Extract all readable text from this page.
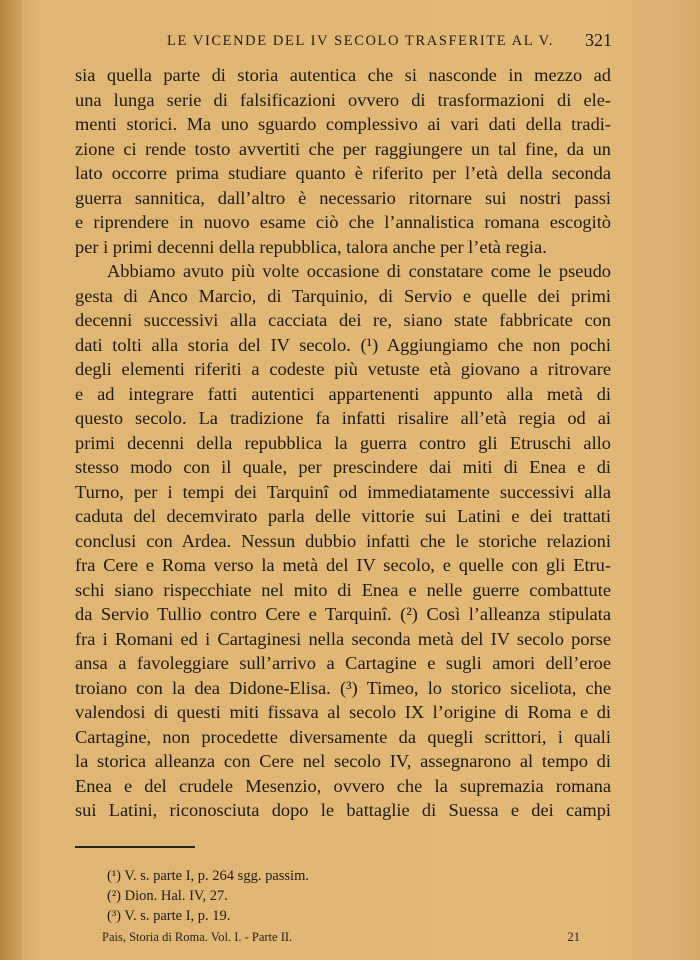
LE VICENDE DEL IV SECOLO TRASFERITE AL V. 321
sia quella parte di storia autentica che si nasconde in mezzo ad
una lunga serie di falsificazioni ovvero di trasformazioni di ele-
menti storici. Ma uno sguardo complessivo ai vari dati della tradi-
zione ci rende tosto avvertiti che per raggiungere un tal fine, da un
lato occorre prima studiare quanto è riferito per l’età della seconda
guerra sannitica, dall’altro è necessario ritornare sui nostri passi
e riprendere in nuovo esame ciò che l’annalistica romana escogitò
per i primi decenni della repubblica, talora anche per l’età regia.
Abbiamo avuto più volte occasione di constatare come le pseudo
gesta di Anco Marcio, di Tarquinio, di Servio e quelle dei primi
decenni successivi alla cacciata dei re, siano state fabbricate con
dati tolti alla storia del IV secolo. (¹) Aggiungiamo che non pochi
degli elementi riferiti a codeste più vetuste età giovano a ritrovare
e ad integrare fatti autentici appartenenti appunto alla metà di
questo secolo. La tradizione fa infatti risalire all’età regia od ai
primi decenni della repubblica la guerra contro gli Etruschi allo
stesso modo con il quale, per prescindere dai miti di Enea e di
Turno, per i tempi dei Tarquinî od immediatamente successivi alla
caduta del decemvirato parla delle vittorie sui Latini e dei trattati
conclusi con Ardea. Nessun dubbio infatti che le storiche relazioni
fra Cere e Roma verso la metà del IV secolo, e quelle con gli Etru-
schi siano rispecchiate nel mito di Enea e nelle guerre combattute
da Servio Tullio contro Cere e Tarquinî. (²) Così l’alleanza stipulata
fra i Romani ed i Cartaginesi nella seconda metà del IV secolo porse
ansa a favoleggiare sull’arrivo a Cartagine e sugli amori dell’eroe
troiano con la dea Didone-Elisa. (³) Timeo, lo storico siceliota, che
valendosi di questi miti fissava al secolo IX l’origine di Roma e di
Cartagine, non procedette diversamente da quegli scrittori, i quali
la storica alleanza con Cere nel secolo IV, assegnarono al tempo di
Enea e del crudele Mesenzio, ovvero che la supremazia romana
sui Latini, riconosciuta dopo le battaglie di Suessa e dei campi
(¹) V. s. parte I, p. 264 sgg. passim.
(²) Dion. Hal. IV, 27.
(³) V. s. parte I, p. 19.
Pais, Storia di Roma. Vol. I. - Parte II.	21
